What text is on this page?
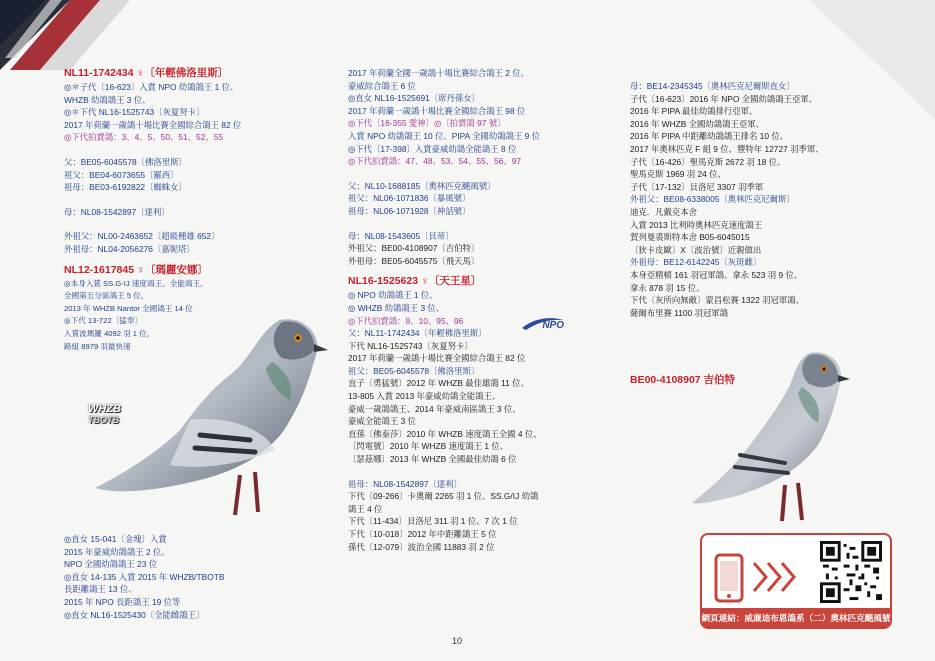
NL11-1742434 ♀〔年輕佛洛里斯〕
◎＊子代〔16-623〕入賞 NPO 幼鴿鴿王 1 位、
WHZB 幼鴿鴿王 3 位、
◎＊下代 NL16-1525743〔灰夏努卡〕
2017 年荷蘭一歲鴿十場比賽全國綜合鴿王 82 位
◎下代拍賣鴿：3、4、5、50、51、52、55
父：BE05-6045578〔佛洛里斯〕
祖父：BE04-6073655〔羅西〕
祖母：BE03-6192822〔蜘蛛女〕
母：NL08-1542897〔達利〕
外祖父：NL00-2463652〔超級種雄 652〕
外祖母：NL04-2056276〔嘉妮塔〕
NL12-1617845 ♀〔瑪麗安娜〕
◎本身入賞 SS.G-IJ 速度鴿王、全能鴿王、
全國第五分區鴿王 5 位、
2013 年 WHZB Nantor 全國鴿王 14 位
◎下代 13-722〔猛奉〕
入賞波瑪羅 4092 羽 1 位，
路組 8979 羽最快速
◎直女 15-041〔金塊〕入賞
2015 年豪威幼鴿鴿王 2 位、
NPO 全國幼鴿鴿王 23 位
◎直女 14-135 入賞 2015 年 WHZB/TBOTB
長距離鴿王 13 位、
2015 年 NPO 長距鴿王 19 位等
◎直女 NL16-1525430〔全能雌鴿王〕
WHZB
TBOTB
2017 年荷蘭全國一歲鴿十場比賽綜合鴿王 2 位、
豪威綜合鴿王 6 位
◎直女 NL16-1525691〔席丹孫女〕
2017 年荷蘭一歲鴿十場比賽全國綜合鴿王 98 位
◎下代〔16-355 愛神〕◎〔拍賣鴿 97 號〕
入賞 NPO 幼鴿鴿王 10 位、PIPA 全國幼鴿鴿王 9 位
◎下代〔17-398〕入賞豪威幼鴿全能鴿王 8 位
◎下代拍賣鴿：47、48、53、54、55、56、97
父：NL10-1688185〔奧林匹克颶風號〕
祖父：NL06-1071836〔暴風號〕
祖母：NL06-1071928〔神話號〕
母：NL08-1543605〔貝蒂〕
外祖父：BE00-4108907〔吉伯特〕
外祖母：BE05-6045575〔飛天馬〕
NL16-1525623 ♀〔天王星〕
◎ NPO 幼鴿鴿王 1 位、
◎ WHZB 幼鴿鴿王 3 位、
◎下代拍賣鴿：9、10、95、96
父：NL11-1742434〔年輕佛洛里斯〕
下代 NL16-1525743〔灰夏努卡〕
2017 年荷蘭一歲鴿十場比賽全國綜合鴿王 82 位
祖父：BE05-6045578〔佛洛里斯〕
直子〔勇猛號〕2012 年 WHZB 最佳雄鴿 11 位、
13-805 入賞 2013 年豪威幼鴿全能鴿王、
豪威一歲鴿鴿王、2014 年豪威南區鴿王 3 位、
豪威全能鴿王 3 位
直孫〔佛泰莎〕2010 年 WHZB 速度鴿王全國 4 位、
〔閃電號〕2010 年 WHZB 速度鴿王 1 位、
〔瑟茲娜〕2013 年 WHZB 全國最佳幼鴿 6 位
祖母：NL08-1542897〔達利〕
下代〔09-266〕卡奧爾 2265 羽 1 位、SS.G/IJ 幼鴿
鴿王 4 位
下代〔11-434〕貝洛尼 311 羽 1 位、7 次 1 位
下代〔10-018〕2012 年中距離鴿王 5 位
孫代〔12-079〕波治全國 11883 羽 2 位
NPO
母：BE14-2345345〔奧林匹克尼爾斯直女〕
子代〔16-623〕2016 年 NPO 全國幼鴿鴿王亞軍、
2016 年 PIPA 最佳幼鴿排行亞軍、
2016 年 WHZB 全國幼鴿鴿王亞軍、
2016 年 PIPA 中距離幼鴿鴿王排名 10 位、
2017 年奧林匹克 F 組 9 位、豐特年 12727 羽季軍、
子代〔16-426〕聖馬克斯 2672 羽 18 位、
聖馬克斯 1969 羽 24 位、
子代〔17-132〕貝洛尼 3307 羽季軍
外祖父：BE08-6338005〔奧林匹克尼爾斯〕
迪克．凡戴克本舍
入賞 2013 比利時奧林匹克速度鴿王
賀列曼裘斯特本舍 B05-6045015
〔狄卡皮歐〕X〔波治號〕近親做出
外祖母：BE12-6142245〔灰斑雌〕
本身亞精頓 161 羽冠軍鴿、拿永 523 羽 9 位、
拿永 878 羽 15 位、
下代〔灰所向無敵〕蒙昌松賽 1322 羽冠軍鴿、
薩爾布里賽 1100 羽冠軍鴿
BE00-4108907 吉伯特
網頁連結：威廉迪布恩鴿系（二）奧林匹克颶風號
10
